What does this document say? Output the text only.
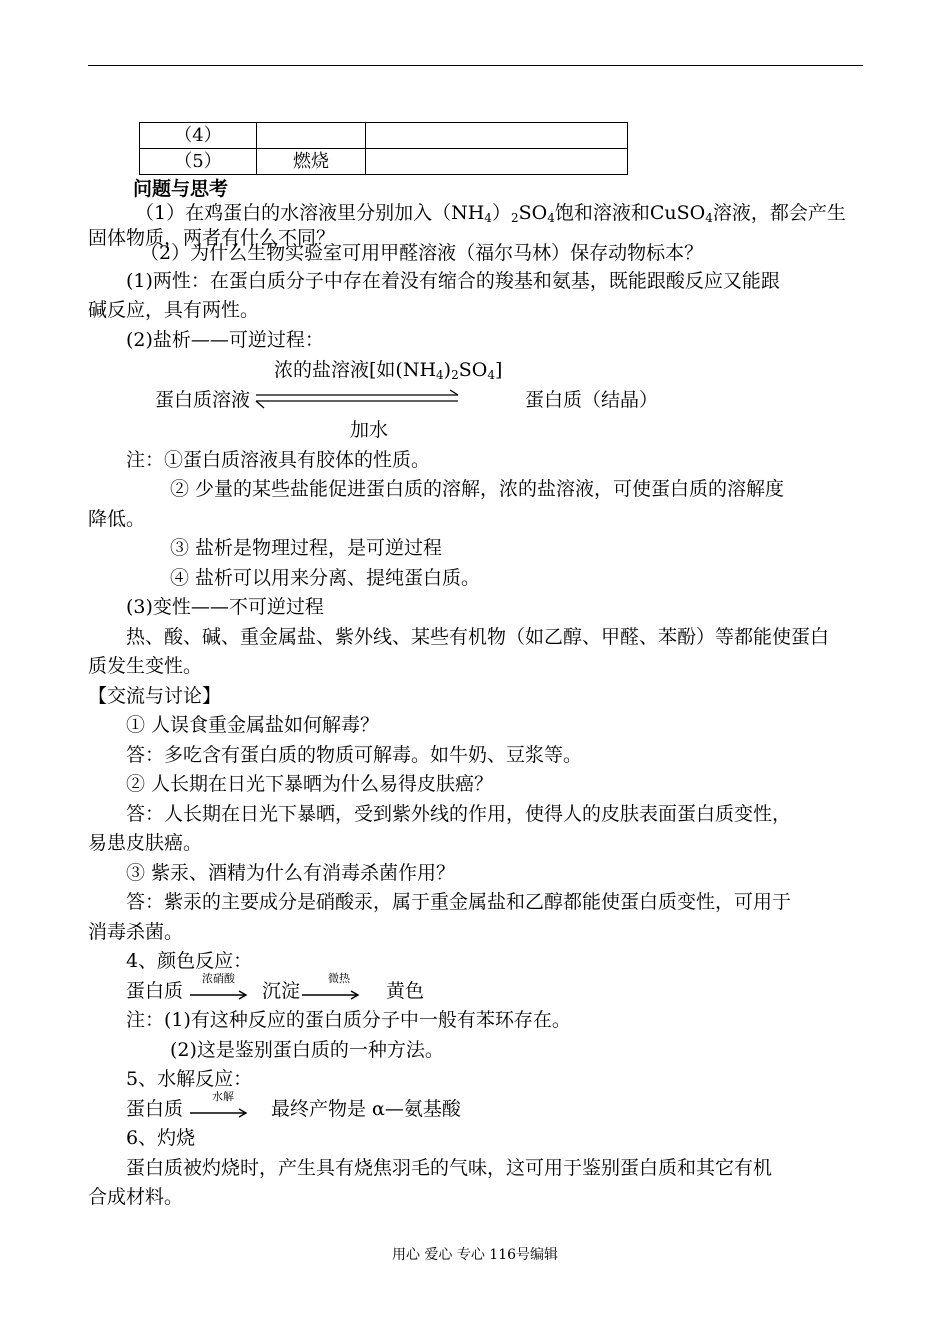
（4）		
（5）	燃烧	
问题与思考
（1）在鸡蛋白的水溶液里分别加入$(NH_4)_2SO_4$饱和溶液和CuSO$_4$溶液，都会产生
固体物质，两者有什么不同？
（2）为什么生物实验室可用甲醛溶液（福尔马林）保存动物标本？
(1)两性：在蛋白质分子中存在着没有缩合的羧基和氨基，既能跟酸反应又能跟
碱反应，具有两性。
(2)盐析——可逆过程：
浓的盐溶液[如$(NH_4)_2SO_4$]
蛋白质溶液	蛋白质（结晶）
加水
注：①蛋白质溶液具有胶体的性质。
② 少量的某些盐能促进蛋白质的溶解，浓的盐溶液，可使蛋白质的溶解度
降低。
③ 盐析是物理过程，是可逆过程
④ 盐析可以用来分离、提纯蛋白质。
(3)变性——不可逆过程
热、酸、碱、重金属盐、紫外线、某些有机物（如乙醇、甲醛、苯酚）等都能使蛋白
质发生变性。
【交流与讨论】
① 人误食重金属盐如何解毒？
答：多吃含有蛋白质的物质可解毒。如牛奶、豆浆等。
② 人长期在日光下暴晒为什么易得皮肤癌？
答：人长期在日光下暴晒，受到紫外线的作用，使得人的皮肤表面蛋白质变性，
易患皮肤癌。
③ 紫汞、酒精为什么有消毒杀菌作用？
答：紫汞的主要成分是硝酸汞，属于重金属盐和乙醇都能使蛋白质变性，可用于
消毒杀菌。
4、颜色反应：
蛋白质
浓硝酸
沉淀
微热
黄色
注：(1)有这种反应的蛋白质分子中一般有苯环存在。
(2)这是鉴别蛋白质的一种方法。
5、水解反应：
蛋白质
水解
最终产物是 α—氨基酸
6、灼烧
蛋白质被灼烧时，产生具有烧焦羽毛的气味，这可用于鉴别蛋白质和其它有机
合成材料。
用心 爱心 专心 116号编辑
